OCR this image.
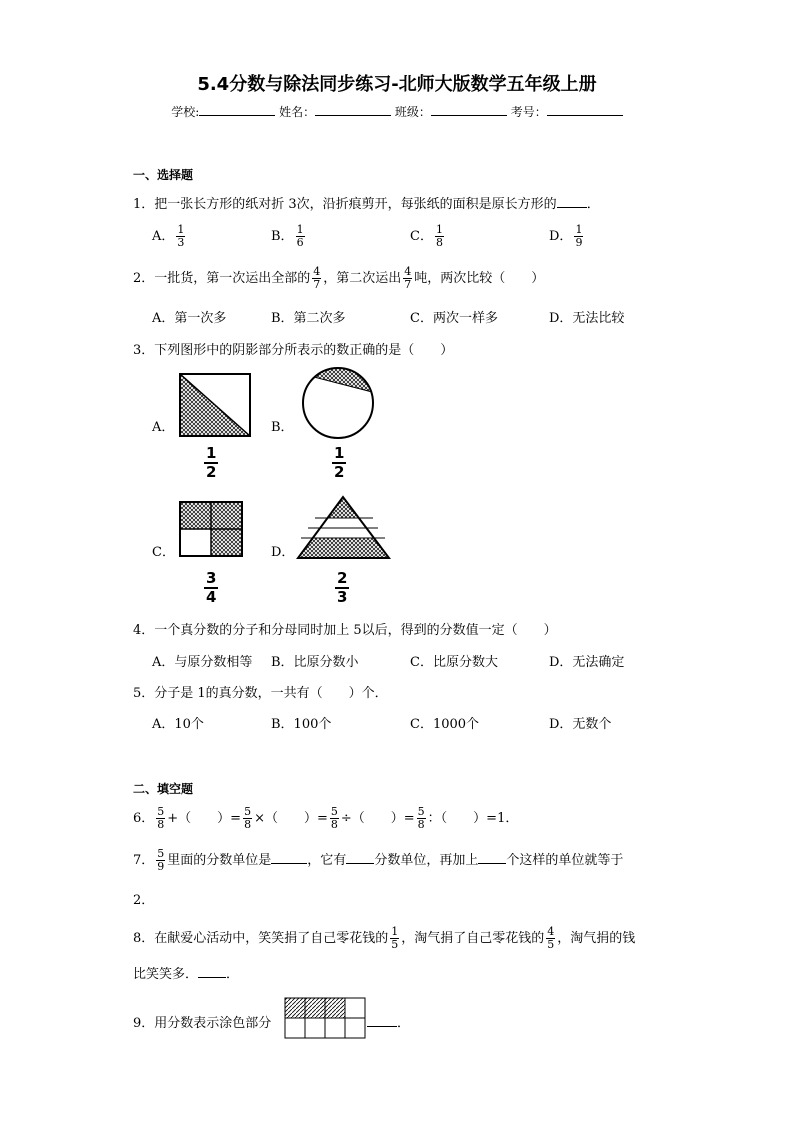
5.4分数与除法同步练习-北师大版数学五年级上册
学校:	姓名：	班级：	考号：
一、选择题
1．把一张长方形的纸对折 3次，沿折痕剪开，每张纸的面积是原长方形的 ．
A． $\frac{1}{3}$	B． $\frac{1}{6}$	C． $\frac{1}{8}$	D． $\frac{1}{9}$
2．一批货，第一次运出全部的 $\frac{4}{7}$ ，第二次运出 $\frac{4}{7}$ 吨，两次比较（　　）
A．第一次多	B．第二次多	C．两次一样多	D．无法比较
3．下列图形中的阴影部分所表示的数正确的是（　　）
A．
1
2
B．
1
2
C．
3
4
D．
2
3
4．一个真分数的分子和分母同时加上 5以后，得到的分数值一定（　　）
A．与原分数相等 B．比原分数小	C．比原分数大	D．无法确定
5．分子是 1的真分数，一共有（　　）个．
A．10个	B．100个	C．1000个	D．无数个
二、填空题
6． $\frac{5}{8}$ +（　　）= $\frac{5}{8}$ ×（　　）= $\frac{5}{8}$ ÷（　　）= $\frac{5}{8}$ ：（　　）=1．
7． $\frac{5}{9}$ 里面的分数单位是	，它有 分数单位，再加上 个这样的单位就等于
2．
8．在献爱心活动中，笑笑捐了自己零花钱的 $\frac{1}{5}$ ，淘气捐了自己零花钱的 $\frac{4}{5}$ ，淘气捐的钱
比笑笑多． ．
9．用分数表示涂色部分	．
